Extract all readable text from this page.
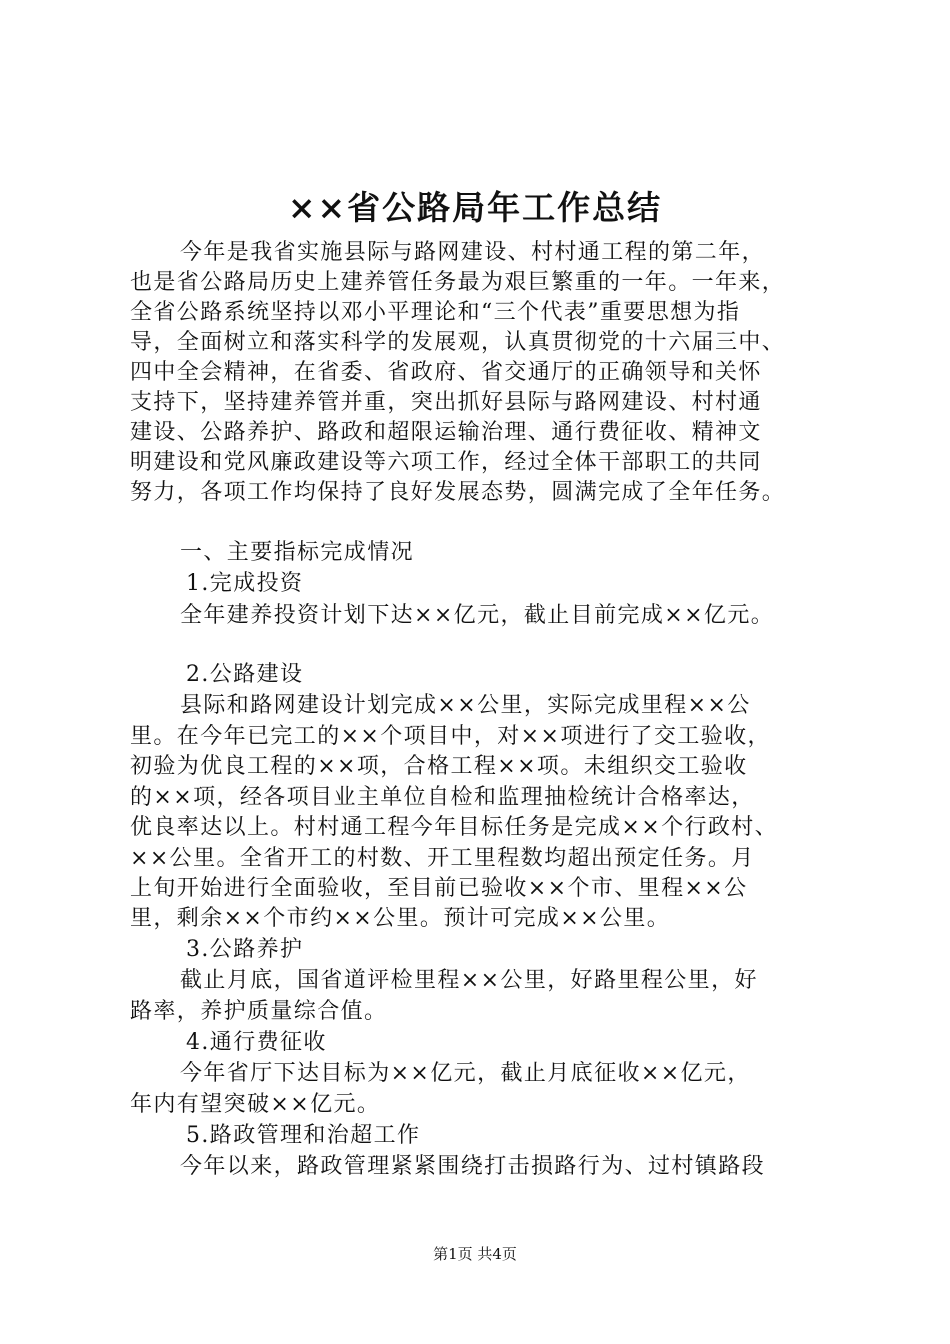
××省公路局年工作总结
今年是我省实施县际与路网建设、村村通工程的第二年，
也是省公路局历史上建养管任务最为艰巨繁重的一年。一年来，
全省公路系统坚持以邓小平理论和“三个代表”重要思想为指
导，全面树立和落实科学的发展观，认真贯彻党的十六届三中、
四中全会精神，在省委、省政府、省交通厅的正确领导和关怀
支持下，坚持建养管并重，突出抓好县际与路网建设、村村通
建设、公路养护、路政和超限运输治理、通行费征收、精神文
明建设和党风廉政建设等六项工作，经过全体干部职工的共同
努力，各项工作均保持了良好发展态势，圆满完成了全年任务。
一、主要指标完成情况
1.完成投资
全年建养投资计划下达××亿元，截止目前完成××亿元。
2.公路建设
县际和路网建设计划完成××公里，实际完成里程××公
里。在今年已完工的××个项目中，对××项进行了交工验收，
初验为优良工程的××项，合格工程××项。未组织交工验收
的××项，经各项目业主单位自检和监理抽检统计合格率达，
优良率达以上。村村通工程今年目标任务是完成××个行政村、
××公里。全省开工的村数、开工里程数均超出预定任务。月
上旬开始进行全面验收，至目前已验收××个市、里程××公
里，剩余××个市约××公里。预计可完成××公里。
3.公路养护
截止月底，国省道评检里程××公里，好路里程公里，好
路率，养护质量综合值。
4.通行费征收
今年省厅下达目标为××亿元，截止月底征收××亿元，
年内有望突破××亿元。
5.路政管理和治超工作
今年以来，路政管理紧紧围绕打击损路行为、过村镇路段
第1页 共4页
